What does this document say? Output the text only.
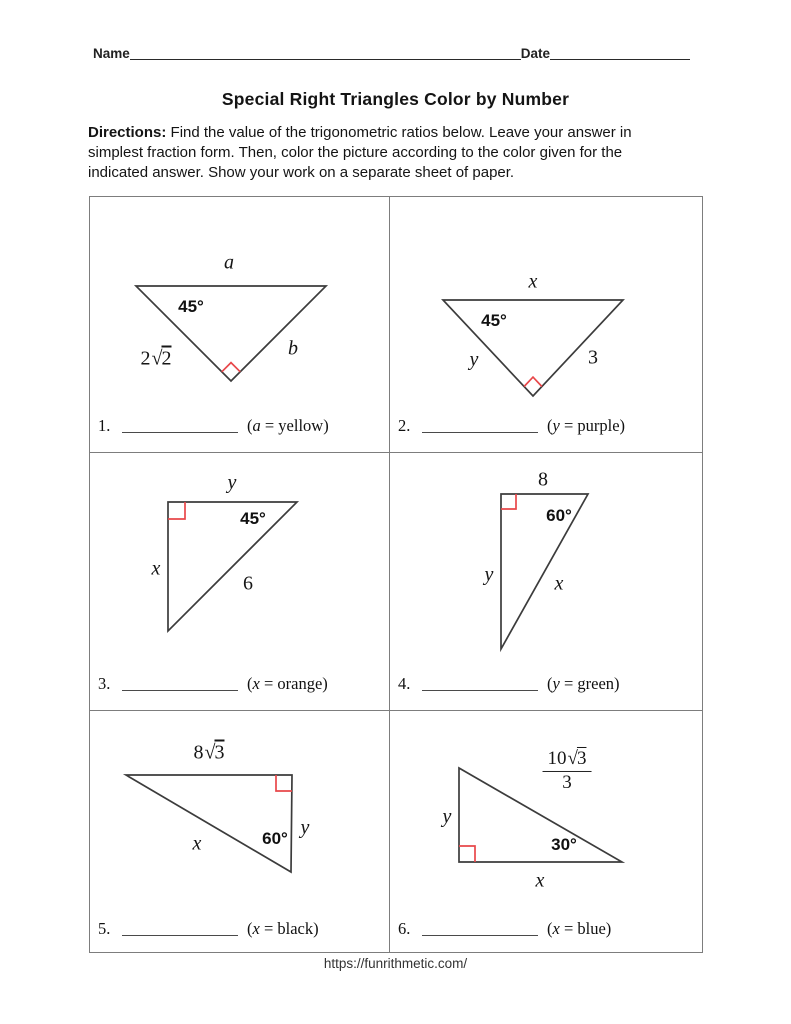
Name	Date
Special Right Triangles Color by Number
Directions: Find the value of the trigonometric ratios below. Leave your answer in
simplest fraction form. Then, color the picture according to the color given for the
indicated answer. Show your work on a separate sheet of paper.
a
45°
2√2	b
1.	(a = yellow)
x
45°
y	3
2.	(y = purple)
y
45°
x
6
3.	(x = orange)
8
60°
y	x
4.	(y = green)
8√3
y
60°
x
5.	(x = black)
y
$\frac{10√3}{3}$
30°
x
6.	(x = blue)
https://funrithmetic.com/
